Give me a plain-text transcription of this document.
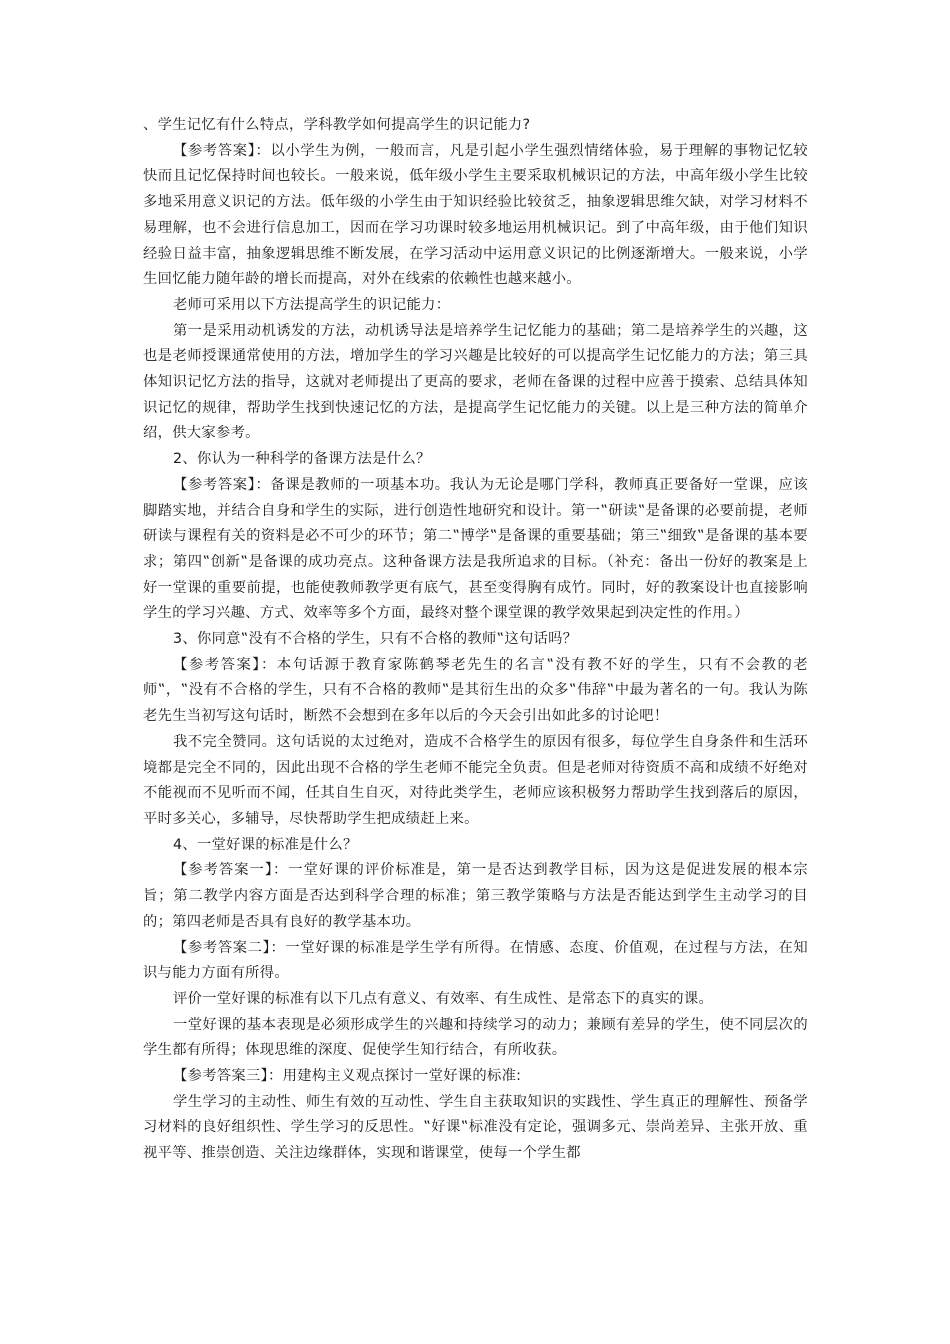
、学生记忆有什么特点，学科教学如何提高学生的识记能力?

【参考答案】：以小学生为例，一般而言，凡是引起小学生强烈情绪体验，易于理解的事物记忆较快而且记忆保持时间也较长。一般来说，低年级小学生主要采取机械识记的方法，中高年级小学生比较多地采用意义识记的方法。低年级的小学生由于知识经验比较贫乏，抽象逻辑思维欠缺，对学习材料不易理解，也不会进行信息加工，因而在学习功课时较多地运用机械识记。到了中高年级，由于他们知识经验日益丰富，抽象逻辑思维不断发展，在学习活动中运用意义识记的比例逐渐增大。一般来说，小学生回忆能力随年龄的增长而提高，对外在线索的依赖性也越来越小。

老师可采用以下方法提高学生的识记能力：

第一是采用动机诱发的方法，动机诱导法是培养学生记忆能力的基础；第二是培养学生的兴趣，这也是老师授课通常使用的方法，增加学生的学习兴趣是比较好的可以提高学生记忆能力的方法；第三具体知识记忆方法的指导，这就对老师提出了更高的要求，老师在备课的过程中应善于摸索、总结具体知识记忆的规律，帮助学生找到快速记忆的方法，是提高学生记忆能力的关键。以上是三种方法的简单介绍，供大家参考。

2、你认为一种科学的备课方法是什么？

【参考答案】：备课是教师的一项基本功。我认为无论是哪门学科，教师真正要备好一堂课，应该脚踏实地，并结合自身和学生的实际，进行创造性地研究和设计。第一‟研读‟是备课的必要前提，老师研读与课程有关的资料是必不可少的环节；第二‟博学‟是备课的重要基础；第三‟细致‟是备课的基本要求；第四‟创新‟是备课的成功亮点。这种备课方法是我所追求的目标。（补充：备出一份好的教案是上好一堂课的重要前提，也能使教师教学更有底气，甚至变得胸有成竹。同时，好的教案设计也直接影响学生的学习兴趣、方式、效率等多个方面，最终对整个课堂课的教学效果起到决定性的作用。）

3、你同意‟没有不合格的学生，只有不合格的教师‟这句话吗？

【参考答案】：本句话源于教育家陈鹤琴老先生的名言‟没有教不好的学生，只有不会教的老师‟，‟没有不合格的学生，只有不合格的教师‟是其衍生出的众多‟伟辞‟中最为著名的一句。我认为陈老先生当初写这句话时，断然不会想到在多年以后的今天会引出如此多的讨论吧！

我不完全赞同。这句话说的太过绝对，造成不合格学生的原因有很多，每位学生自身条件和生活环境都是完全不同的，因此出现不合格的学生老师不能完全负责。但是老师对待资质不高和成绩不好绝对不能视而不见听而不闻，任其自生自灭，对待此类学生，老师应该积极努力帮助学生找到落后的原因，平时多关心，多辅导，尽快帮助学生把成绩赶上来。

4、一堂好课的标准是什么？

【参考答案一】：一堂好课的评价标准是，第一是否达到教学目标，因为这是促进发展的根本宗旨；第二教学内容方面是否达到科学合理的标准；第三教学策略与方法是否能达到学生主动学习的目的；第四老师是否具有良好的教学基本功。

【参考答案二】：一堂好课的标准是学生学有所得。在情感、态度、价值观，在过程与方法，在知识与能力方面有所得。

评价一堂好课的标准有以下几点有意义、有效率、有生成性、是常态下的真实的课。

一堂好课的基本表现是必须形成学生的兴趣和持续学习的动力；兼顾有差异的学生，使不同层次的学生都有所得；体现思维的深度、促使学生知行结合，有所收获。

【参考答案三】：用建构主义观点探讨一堂好课的标准:

学生学习的主动性、师生有效的互动性、学生自主获取知识的实践性、学生真正的理解性、预备学习材料的良好组织性、学生学习的反思性。‟好课‟标准没有定论，强调多元、崇尚差异、主张开放、重视平等、推崇创造、关注边缘群体，实现和谐课堂，使每一个学生都
